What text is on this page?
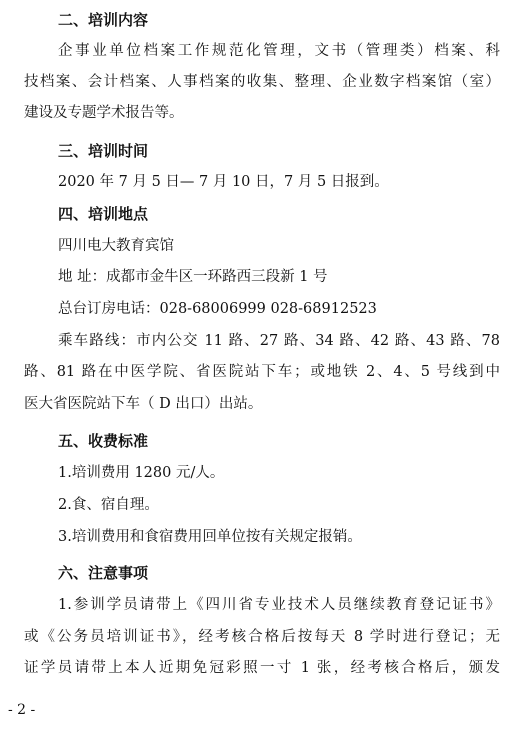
二、培训内容
企事业单位档案工作规范化管理，文书（管理类）档案、科
技档案、会计档案、人事档案的收集、整理、企业数字档案馆（室）
建设及专题学术报告等。
三、培训时间
2020 年 7 月 5 日— 7 月 10 日，7 月 5 日报到。
四、培训地点
四川电大教育宾馆
地 址：成都市金牛区一环路西三段新 1 号
总台订房电话：028-68006999 028-68912523
乘车路线：市内公交 11 路、27 路、34 路、42 路、43 路、78
路、81 路在中医学院、省医院站下车；或地铁 2、4、5 号线到中
医大省医院站下车（ D 出口）出站。
五、收费标准
1.培训费用 1280 元/人。
2.食、宿自理。
3.培训费用和食宿费用回单位按有关规定报销。
六、注意事项
1.参训学员请带上《四川省专业技术人员继续教育登记证书》
或《公务员培训证书》，经考核合格后按每天 8 学时进行登记；无
证学员请带上本人近期免冠彩照一寸 1 张，经考核合格后，颁发
- 2 -
